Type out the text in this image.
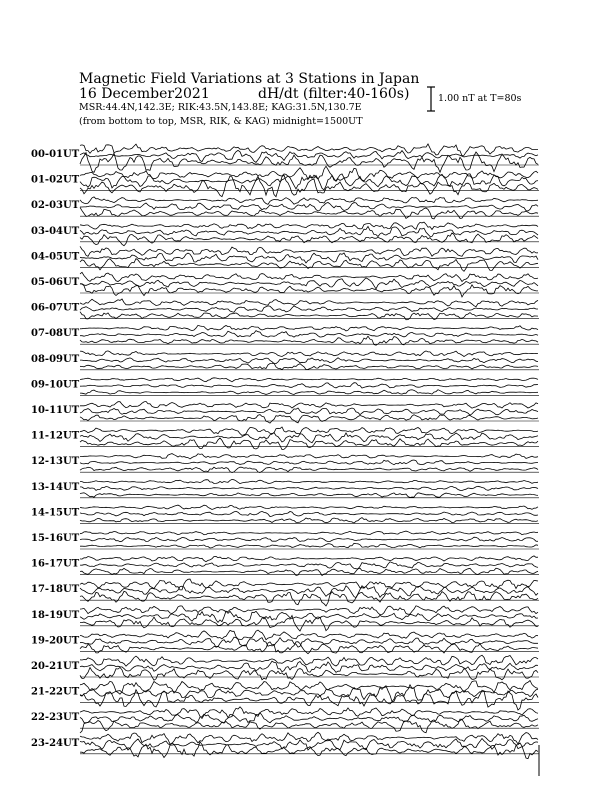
Magnetic Field Variations at 3 Stations in Japan
16 December2021	dH/dt (filter:40-160s)
MSR:44.4N,142.3E; RIK:43.5N,143.8E; KAG:31.5N,130.7E
(from bottom to top, MSR, RIK, & KAG) midnight=1500UT
1.00 nT at T=80s
00-01UT
01-02UT
02-03UT
03-04UT
04-05UT
05-06UT
06-07UT
07-08UT
08-09UT
09-10UT
10-11UT
11-12UT
12-13UT
13-14UT
14-15UT
15-16UT
16-17UT
17-18UT
18-19UT
19-20UT
20-21UT
21-22UT
22-23UT
23-24UT
